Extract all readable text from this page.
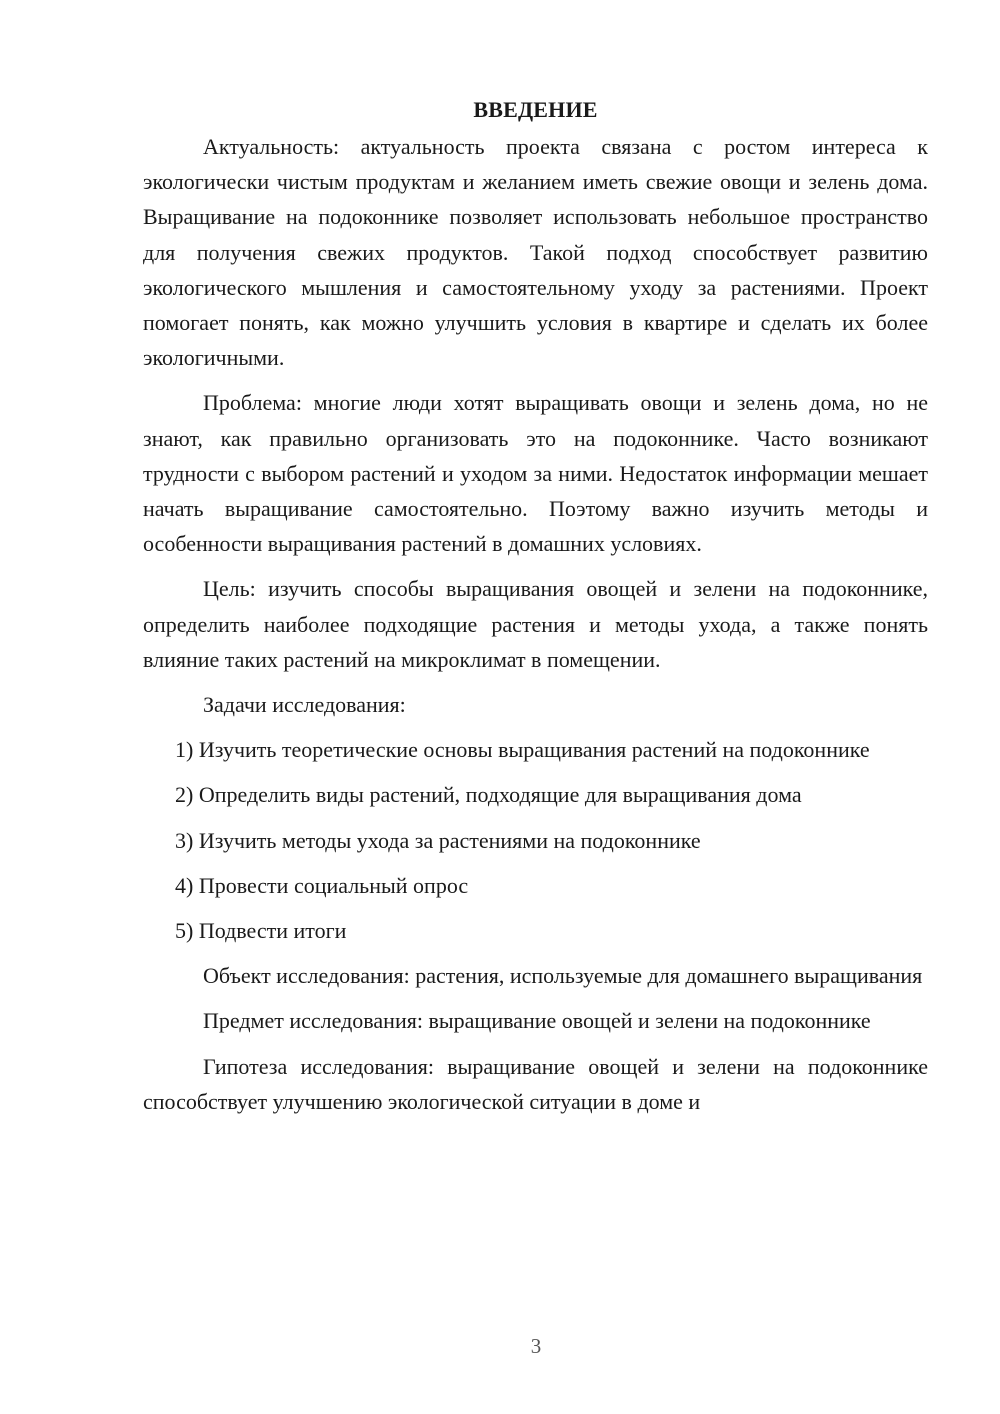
ВВЕДЕНИЕ

Актуальность: актуальность проекта связана с ростом интереса к экологически чистым продуктам и желанием иметь свежие овощи и зелень дома. Выращивание на подоконнике позволяет использовать небольшое пространство для получения свежих продуктов. Такой подход способствует развитию экологического мышления и самостоятельному уходу за растениями. Проект помогает понять, как можно улучшить условия в квартире и сделать их более экологичными.

Проблема: многие люди хотят выращивать овощи и зелень дома, но не знают, как правильно организовать это на подоконнике. Часто возникают трудности с выбором растений и уходом за ними. Недостаток информации мешает начать выращивание самостоятельно. Поэтому важно изучить методы и особенности выращивания растений в домашних условиях.

Цель: изучить способы выращивания овощей и зелени на подоконнике, определить наиболее подходящие растения и методы ухода, а также понять влияние таких растений на микроклимат в помещении.

Задачи исследования:

1) Изучить теоретические основы выращивания растений на подоконнике

2) Определить виды растений, подходящие для выращивания дома

3) Изучить методы ухода за растениями на подоконнике

4) Провести социальный опрос

5) Подвести итоги

Объект исследования: растения, используемые для домашнего выращивания

Предмет исследования: выращивание овощей и зелени на подоконнике

Гипотеза исследования: выращивание овощей и зелени на подоконнике способствует улучшению экологической ситуации в доме и

3
